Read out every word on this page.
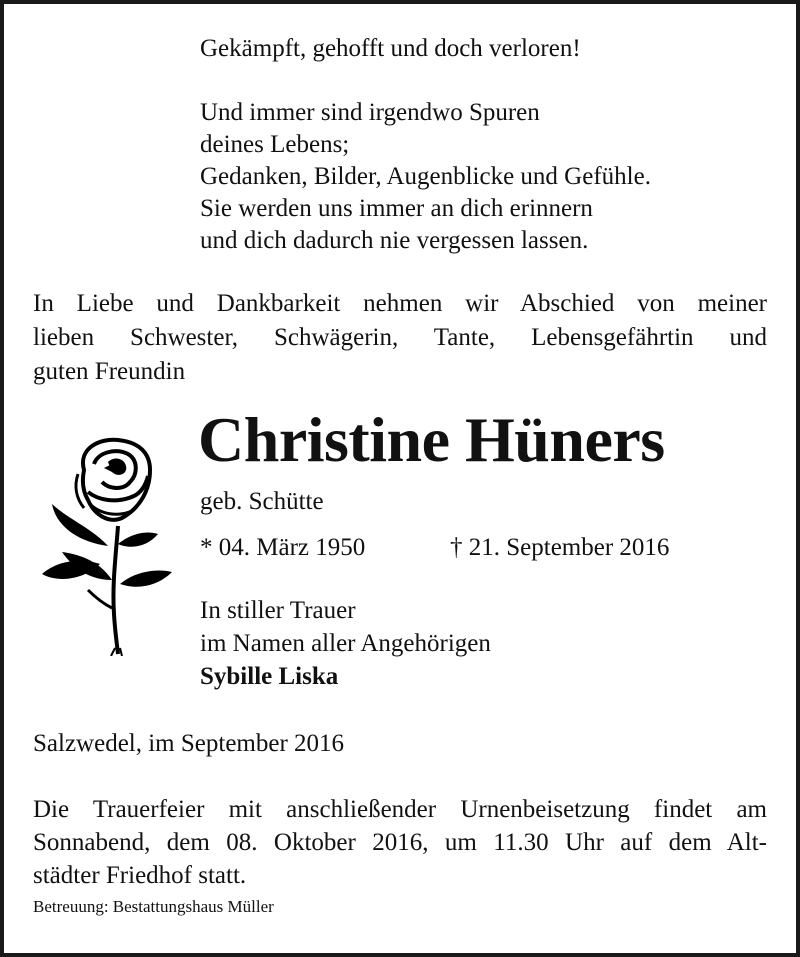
Gekämpft, gehofft und doch verloren!
Und immer sind irgendwo Spuren
deines Lebens;
Gedanken, Bilder, Augenblicke und Gefühle.
Sie werden uns immer an dich erinnern
und dich dadurch nie vergessen lassen.
In Liebe und Dankbarkeit nehmen wir Abschied von meiner
lieben Schwester, Schwägerin, Tante, Lebensgefährtin und
guten Freundin
Christine Hüners
geb. Schütte
* 04. März 1950	† 21. September 2016
In stiller Trauer
im Namen aller Angehörigen
Sybille Liska
Salzwedel, im September 2016
Die Trauerfeier mit anschließender Urnenbeisetzung findet am
Sonnabend, dem 08. Oktober 2016, um 11.30 Uhr auf dem Alt-
städter Friedhof statt.
Betreuung: Bestattungshaus Müller
